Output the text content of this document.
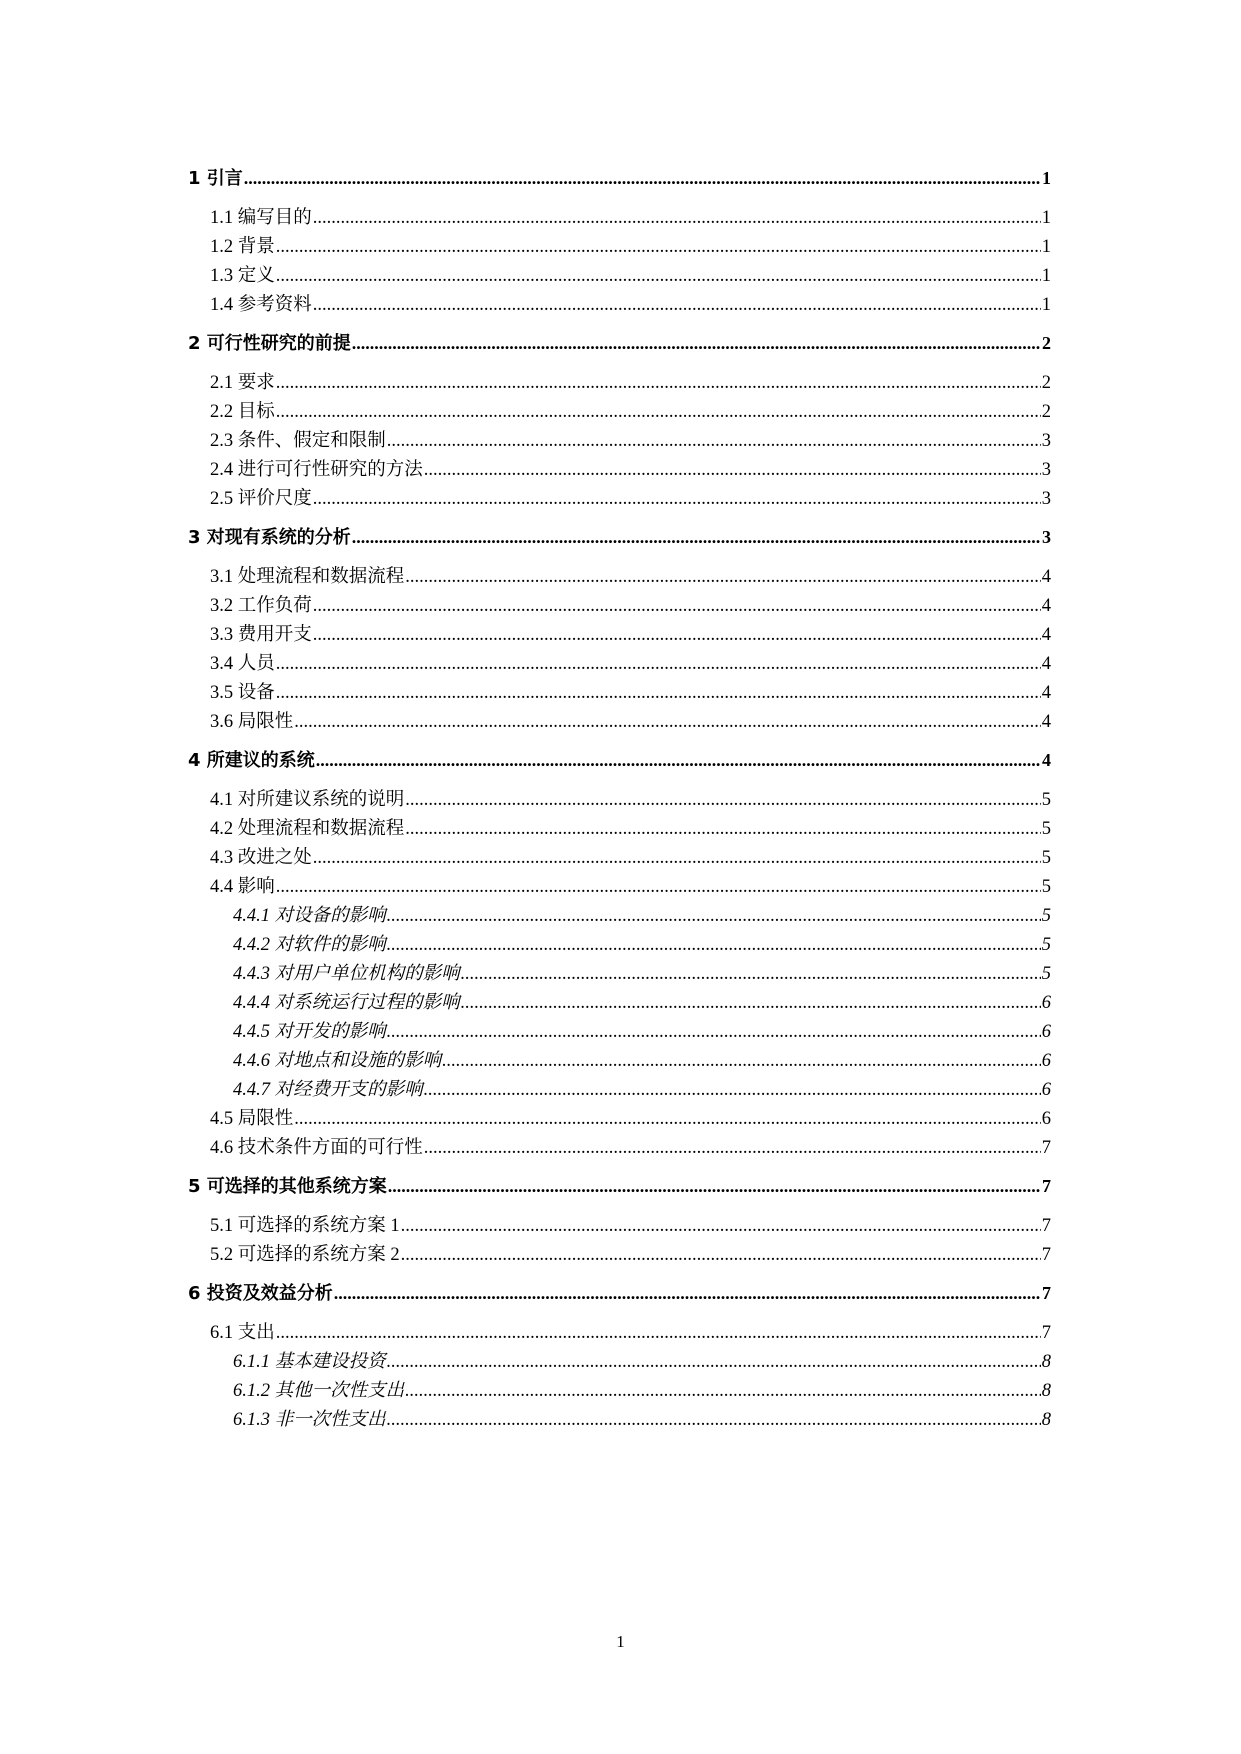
1 引言 .....	1
1.1 编写目的 .....	1
1.2 背景 .....	1
1.3 定义 .....	1
1.4 参考资料 .....	1
2 可行性研究的前提 .....	2
2.1 要求 .....	2
2.2 目标 .....	2
2.3 条件、假定和限制 .....	3
2.4 进行可行性研究的方法 .....	3
2.5 评价尺度 .....	3
3 对现有系统的分析 .....	3
3.1 处理流程和数据流程 .....	4
3.2 工作负荷 .....	4
3.3 费用开支 .....	4
3.4 人员 .....	4
3.5 设备 .....	4
3.6 局限性 .....	4
4 所建议的系统 .....	4
4.1 对所建议系统的说明 .....	5
4.2 处理流程和数据流程 .....	5
4.3 改进之处 .....	5
4.4 影响 .....	5
4.4.1 对设备的影响 .....	5
4.4.2 对软件的影响 .....	5
4.4.3 对用户单位机构的影响 .....	5
4.4.4 对系统运行过程的影响 .....	6
4.4.5 对开发的影响 .....	6
4.4.6 对地点和设施的影响 .....	6
4.4.7 对经费开支的影响 .....	6
4.5 局限性 .....	6
4.6 技术条件方面的可行性 .....	7
5 可选择的其他系统方案 .....	7
5.1 可选择的系统方案 1 .....	7
5.2 可选择的系统方案 2 .....	7
6 投资及效益分析 .....	7
6.1 支出 .....	7
6.1.1 基本建设投资 .....	8
6.1.2 其他一次性支出 .....	8
6.1.3 非一次性支出 .....	8
1
